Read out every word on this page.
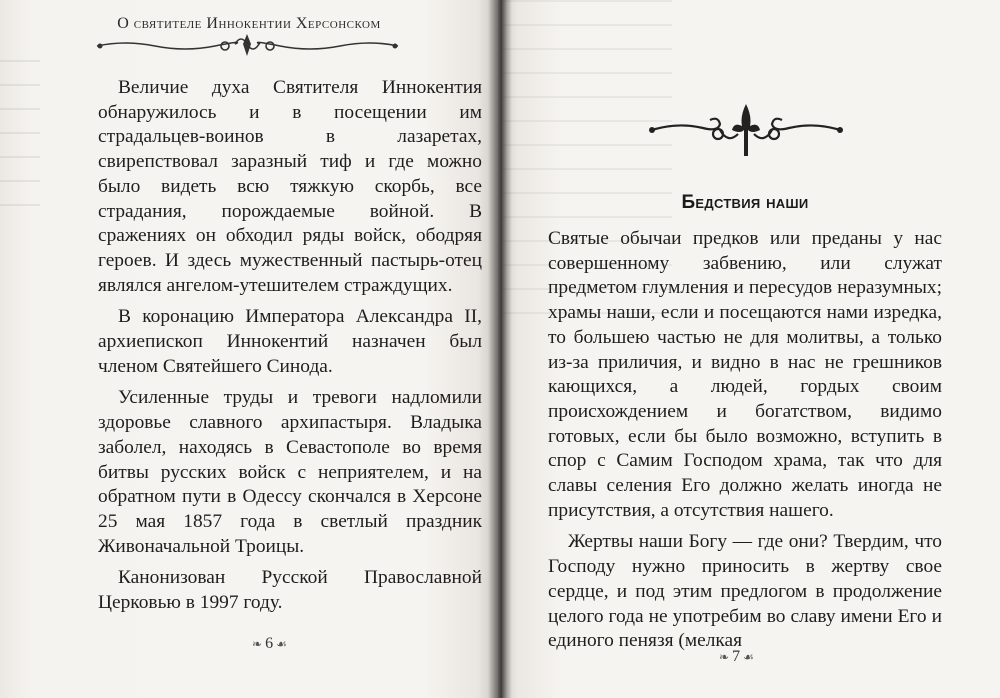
О святителе Иннокентии Херсонском

Величие духа Святителя Иннокентия обнаружилось и в посещении им страдальцев-воинов в лазаретах, свирепствовал заразный тиф и где можно было видеть всю тяжкую скорбь, все страдания, порождаемые войной. В сражениях он обходил ряды войск, ободряя героев. И здесь мужественный пастырь-отец являлся ангелом-утешителем страждущих.

В коронацию Императора Александра II, архиепископ Иннокентий назначен был членом Святейшего Синода.

Усиленные труды и тревоги надломили здоровье славного архипастыря. Владыка заболел, находясь в Севастополе во время битвы русских войск с неприятелем, и на обратном пути в Одессу скончался в Херсоне 25 мая 1857 года в светлый праздник Живоначальной Троицы.

Канонизован Русской Православной Церковью в 1997 году.

❧ 6 ☙
Бедствия наши

Святые обычаи предков или преданы у нас совершенному забвению, или служат предметом глумления и пересудов неразумных; храмы наши, если и посещаются нами изредка, то большею частью не для молитвы, а только из-за приличия, и видно в нас не грешников кающихся, а людей, гордых своим происхождением и богатством, видимо готовых, если бы было возможно, вступить в спор с Самим Господом храма, так что для славы селения Его должно желать иногда не присутствия, а отсутствия нашего.

Жертвы наши Богу — где они? Твердим, что Господу нужно приносить в жертву свое сердце, и под этим предлогом в продолжение целого года не употребим во славу имени Его и единого пенязя (мелкая

❧ 7 ☙
